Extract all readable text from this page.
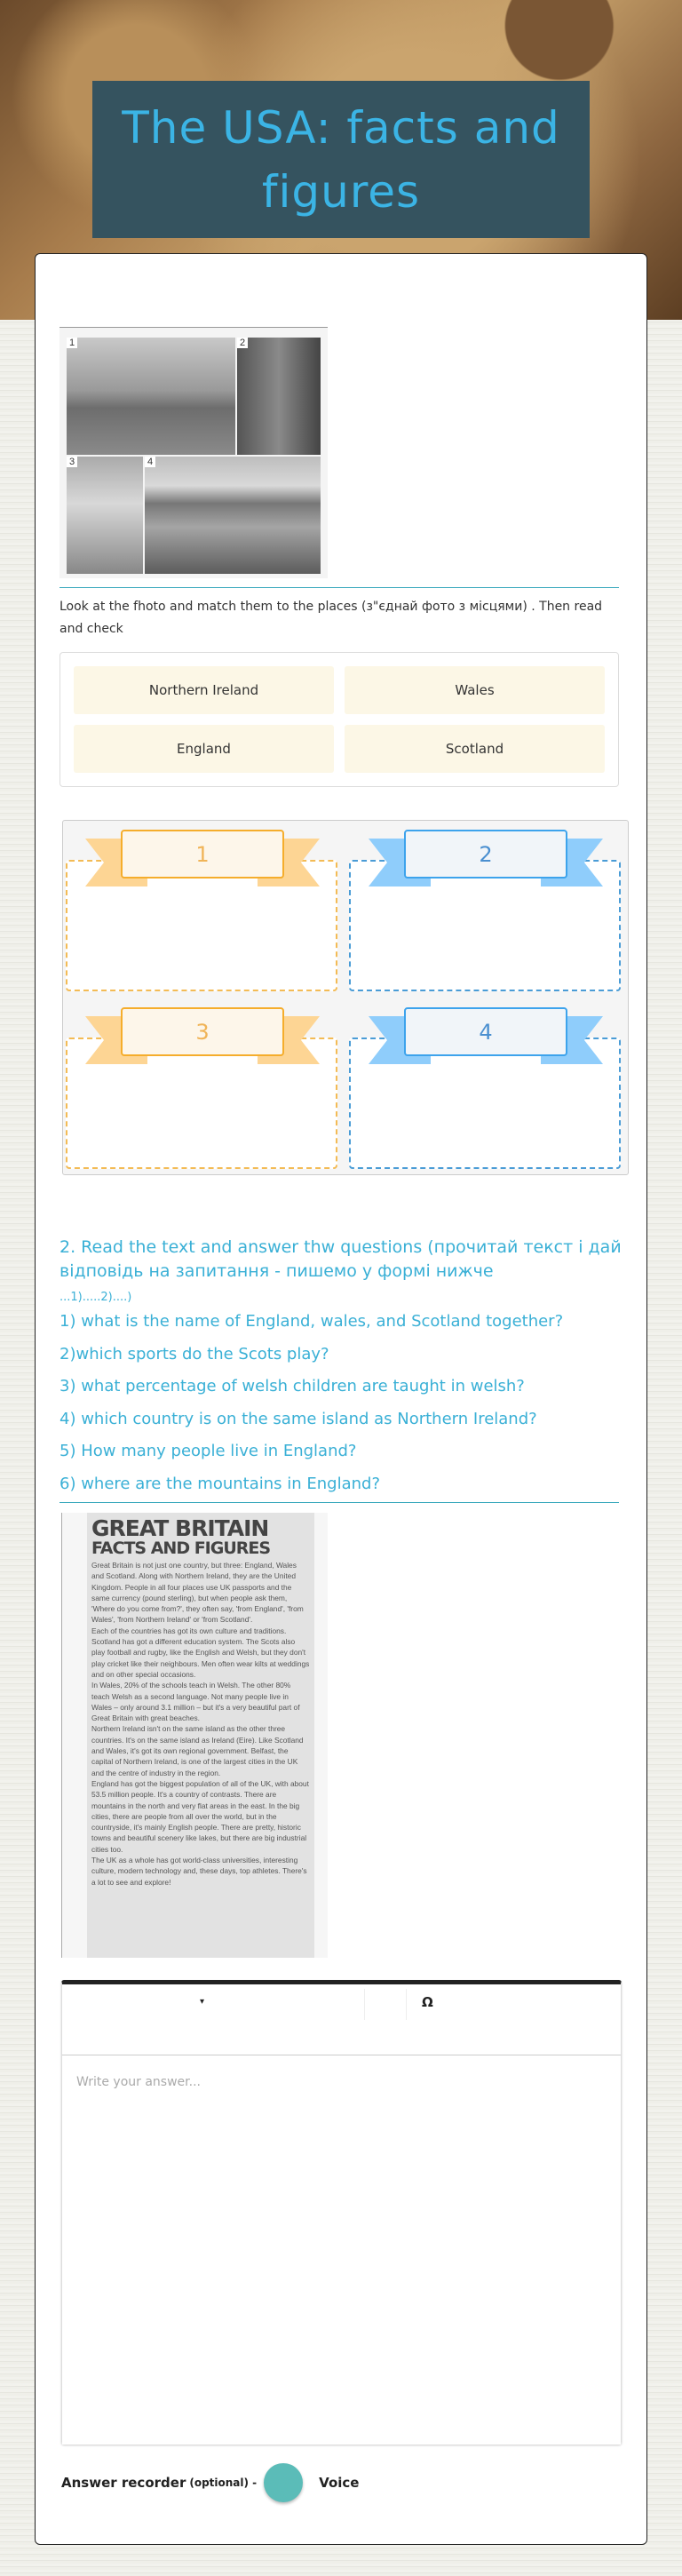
The USA: facts and figures
1	2
3	4
Look at the fhoto and match them to the places (з"єднай фото з місцями) . Then read and check
Northern Ireland	Wales
England	Scotland
1	2
3	4
2. Read the text and answer thw questions (прочитай текст і дай відповідь на запитання - пишемо у формі нижче
...1).....2)....)
1) what is the name of England, wales, and Scotland together?
2)which sports do the Scots play?
3) what percentage of welsh children are taught in welsh?
4) which country is on the same island as Northern Ireland?
5) How many people live in England?
6) where are the mountains in England?
GREAT BRITAIN
FACTS AND FIGURES

Great Britain is not just one country, but three: England, Wales and Scotland. Along with Northern Ireland, they are the United Kingdom. People in all four places use UK passports and the same currency (pound sterling), but when people ask them, 'Where do you come from?', they often say, 'from England', 'from Wales', 'from Northern Ireland' or 'from Scotland'.

Each of the countries has got its own culture and traditions. Scotland has got a different education system. The Scots also play football and rugby, like the English and Welsh, but they don't play cricket like their neighbours. Men often wear kilts at weddings and on other special occasions.

In Wales, 20% of the schools teach in Welsh. The other 80% teach Welsh as a second language. Not many people live in Wales – only around 3.1 million – but it's a very beautiful part of Great Britain with great beaches.

Northern Ireland isn't on the same island as the other three countries. It's on the same island as Ireland (Eire). Like Scotland and Wales, it's got its own regional government. Belfast, the capital of Northern Ireland, is one of the largest cities in the UK and the centre of industry in the region.

England has got the biggest population of all of the UK, with about 53.5 million people. It's a country of contrasts. There are mountains in the north and very flat areas in the east. In the big cities, there are people from all over the world, but in the countryside, it's mainly English people. There are pretty, historic towns and beautiful scenery like lakes, but there are big industrial cities too.

The UK as a whole has got world-class universities, interesting culture, modern technology and, these days, top athletes. There's a lot to see and explore!

▾	Ω
Write your answer...
Answer recorder (optional) -	Voice
